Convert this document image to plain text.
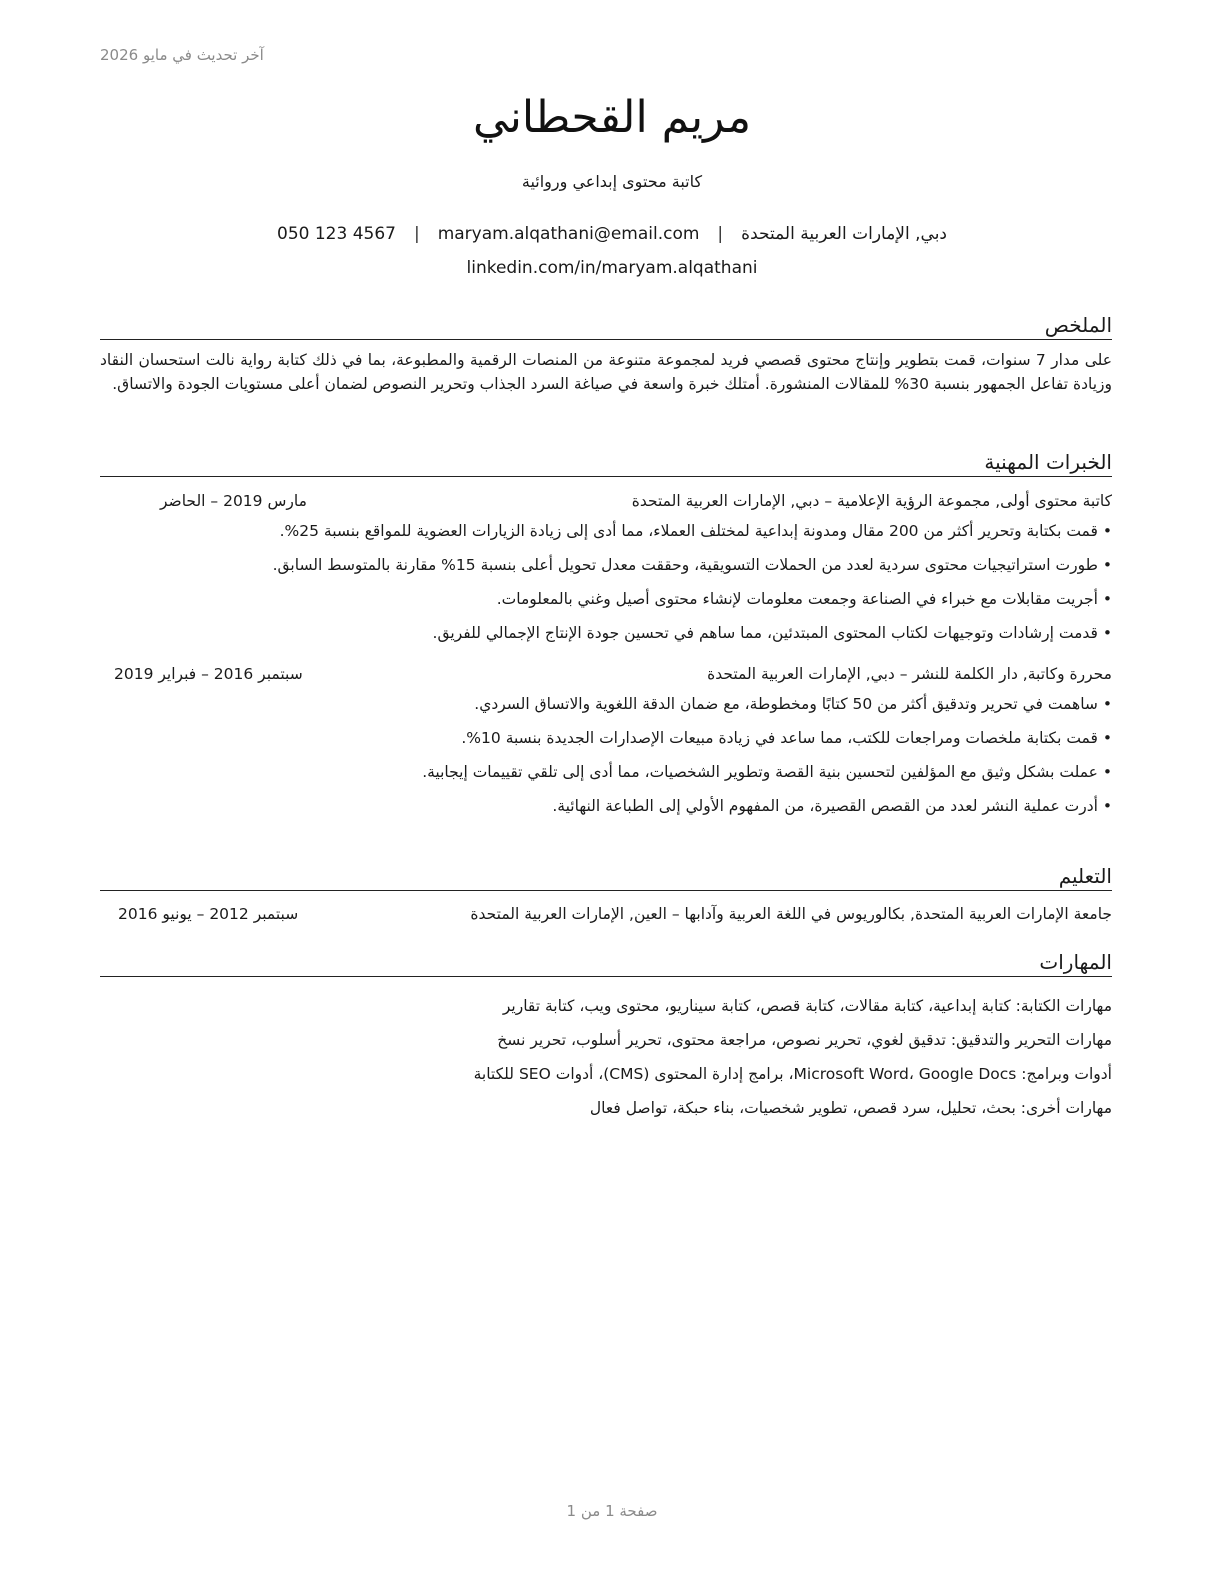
آخر تحديث في مايو 2026
مريم القحطاني
كاتبة محتوى إبداعي وروائية
دبي, الإمارات العربية المتحدة
|
maryam.alqathani@email.com
|
050 123 4567
linkedin.com/in/maryam.alqathani
الملخص

على مدار 7 سنوات، قمت بتطوير وإنتاج محتوى قصصي فريد لمجموعة متنوعة من المنصات الرقمية والمطبوعة، بما في ذلك كتابة رواية نالت استحسان النقاد وزيادة تفاعل الجمهور بنسبة 30% للمقالات المنشورة. أمتلك خبرة واسعة في صياغة السرد الجذاب وتحرير النصوص لضمان أعلى مستويات الجودة والاتساق.

الخبرات المهنية
كاتبة محتوى أولى, مجموعة الرؤية الإعلامية – دبي, الإمارات العربية المتحدة
مارس 2019 – الحاضر
• قمت بكتابة وتحرير أكثر من 200 مقال ومدونة إبداعية لمختلف العملاء، مما أدى إلى زيادة الزيارات العضوية للمواقع بنسبة 25%.
• طورت استراتيجيات محتوى سردية لعدد من الحملات التسويقية، وحققت معدل تحويل أعلى بنسبة 15% مقارنة بالمتوسط السابق.
• أجريت مقابلات مع خبراء في الصناعة وجمعت معلومات لإنشاء محتوى أصيل وغني بالمعلومات.
• قدمت إرشادات وتوجيهات لكتاب المحتوى المبتدئين، مما ساهم في تحسين جودة الإنتاج الإجمالي للفريق.
محررة وكاتبة, دار الكلمة للنشر – دبي, الإمارات العربية المتحدة
سبتمبر 2016 – فبراير 2019
• ساهمت في تحرير وتدقيق أكثر من 50 كتابًا ومخطوطة، مع ضمان الدقة اللغوية والاتساق السردي.
• قمت بكتابة ملخصات ومراجعات للكتب، مما ساعد في زيادة مبيعات الإصدارات الجديدة بنسبة 10%.
• عملت بشكل وثيق مع المؤلفين لتحسين بنية القصة وتطوير الشخصيات، مما أدى إلى تلقي تقييمات إيجابية.
• أدرت عملية النشر لعدد من القصص القصيرة، من المفهوم الأولي إلى الطباعة النهائية.
التعليم
جامعة الإمارات العربية المتحدة, بكالوريوس في اللغة العربية وآدابها – العين, الإمارات العربية المتحدة
سبتمبر 2012 – يونيو 2016
المهارات
مهارات الكتابة: كتابة إبداعية، كتابة مقالات، كتابة قصص، كتابة سيناريو، محتوى ويب، كتابة تقارير
مهارات التحرير والتدقيق: تدقيق لغوي، تحرير نصوص، مراجعة محتوى، تحرير أسلوب، تحرير نسخ
أدوات وبرامج: Microsoft Word، Google Docs، برامج إدارة المحتوى (CMS)، أدوات SEO للكتابة
مهارات أخرى: بحث، تحليل، سرد قصص، تطوير شخصيات، بناء حبكة، تواصل فعال
صفحة 1 من 1
